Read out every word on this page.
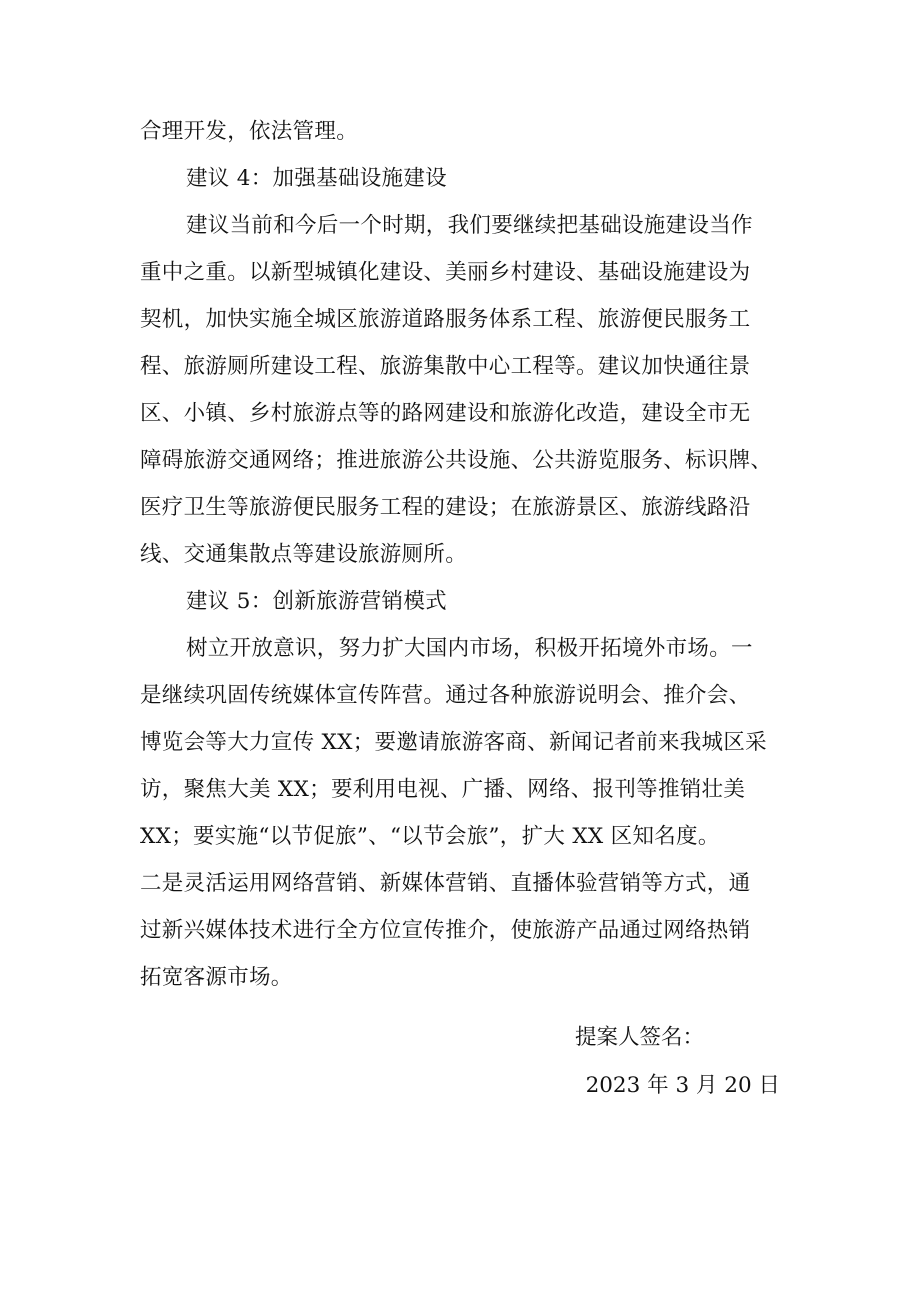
合理开发，依法管理。
建议 4：加强基础设施建设
建议当前和今后一个时期，我们要继续把基础设施建设当作
重中之重。以新型城镇化建设、美丽乡村建设、基础设施建设为
契机，加快实施全城区旅游道路服务体系工程、旅游便民服务工
程、旅游厕所建设工程、旅游集散中心工程等。建议加快通往景
区、小镇、乡村旅游点等的路网建设和旅游化改造，建设全市无
障碍旅游交通网络；推进旅游公共设施、公共游览服务、标识牌、
医疗卫生等旅游便民服务工程的建设；在旅游景区、旅游线路沿
线、交通集散点等建设旅游厕所。
建议 5：创新旅游营销模式
树立开放意识，努力扩大国内市场，积极开拓境外市场。一
是继续巩固传统媒体宣传阵营。通过各种旅游说明会、推介会、
博览会等大力宣传 XX；要邀请旅游客商、新闻记者前来我城区采
访，聚焦大美 XX；要利用电视、广播、网络、报刊等推销壮美
XX；要实施“以节促旅”、“以节会旅”，扩大 XX 区知名度。
二是灵活运用网络营销、新媒体营销、直播体验营销等方式，通
过新兴媒体技术进行全方位宣传推介，使旅游产品通过网络热销
拓宽客源市场。
提案人签名：
2023 年 3 月 20 日
